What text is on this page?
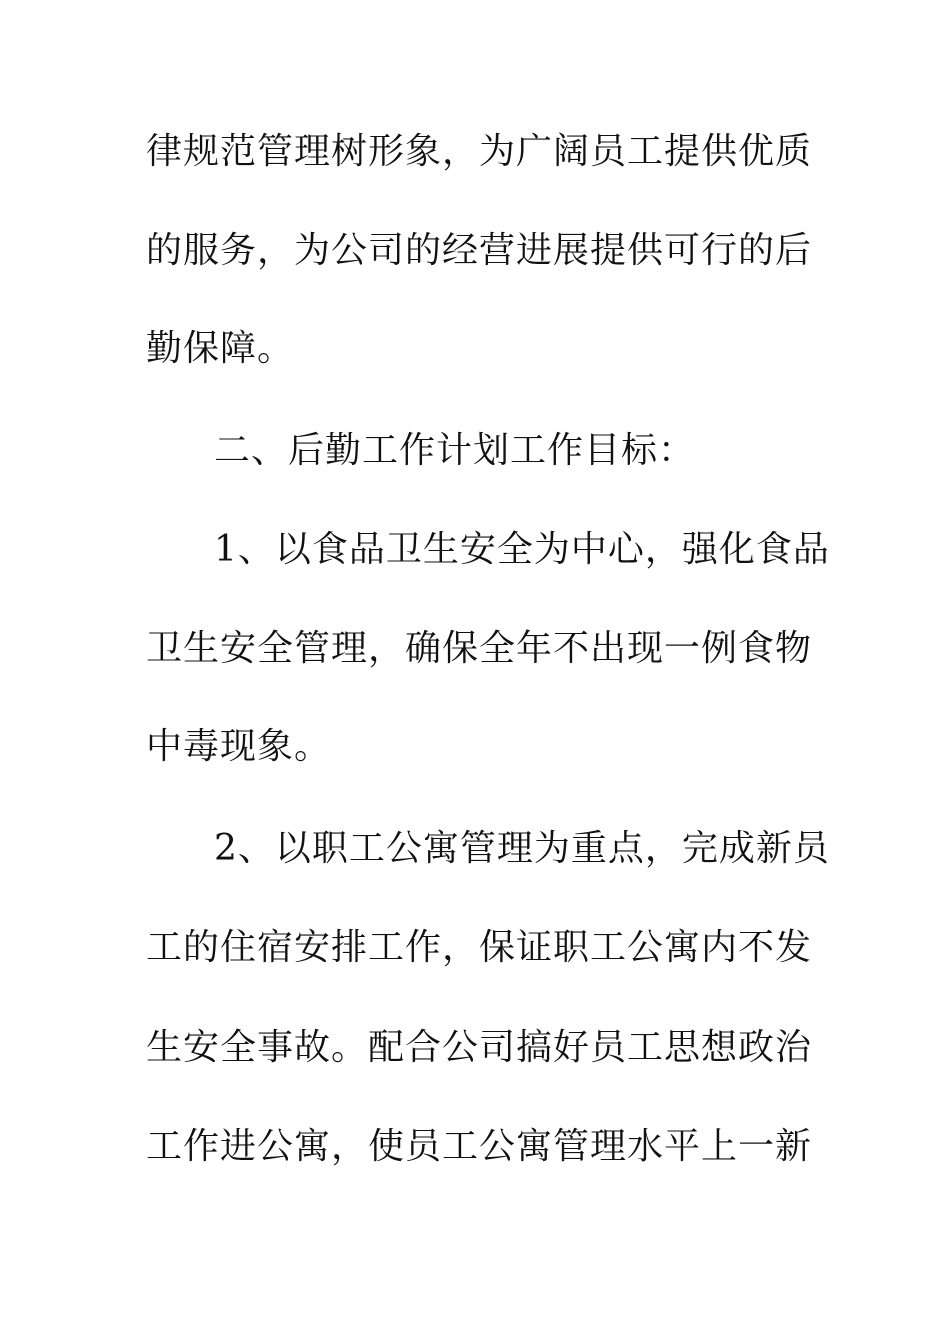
律规范管理树形象，为广阔员工提供优质
的服务，为公司的经营进展提供可行的后
勤保障。
二、后勤工作计划工作目标：
1、以食品卫生安全为中心，强化食品
卫生安全管理，确保全年不出现一例食物
中毒现象。
2、以职工公寓管理为重点，完成新员
工的住宿安排工作，保证职工公寓内不发
生安全事故。配合公司搞好员工思想政治
工作进公寓，使员工公寓管理水平上一新
